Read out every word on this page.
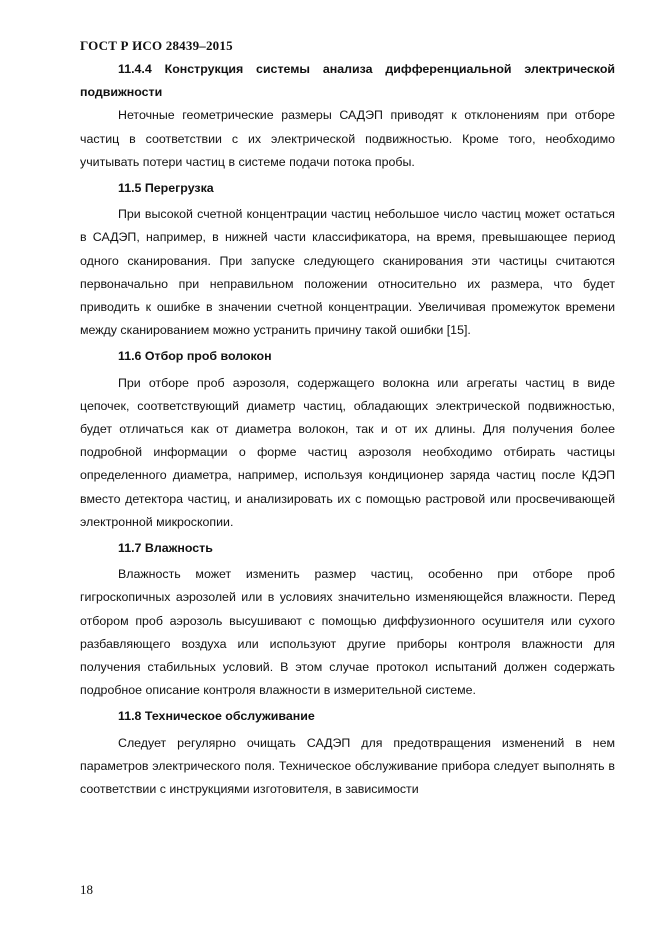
ГОСТ Р ИСО 28439–2015

11.4.4 Конструкция системы анализа дифференциальной электрической подвижности

Неточные геометрические размеры САДЭП приводят к отклонениям при отборе частиц в соответствии с их электрической подвижностью. Кроме того, необходимо учитывать потери частиц в системе подачи потока пробы.

11.5 Перегрузка

При высокой счетной концентрации частиц небольшое число частиц может остаться в САДЭП, например, в нижней части классификатора, на время, превышающее период одного сканирования. При запуске следующего сканирования эти частицы считаются первоначально при неправильном положении относительно их размера, что будет приводить к ошибке в значении счетной концентрации. Увеличивая промежуток времени между сканированием можно устранить причину такой ошибки [15].

11.6 Отбор проб волокон

При отборе проб аэрозоля, содержащего волокна или агрегаты частиц в виде цепочек, соответствующий диаметр частиц, обладающих электрической подвижностью, будет отличаться как от диаметра волокон, так и от их длины. Для получения более подробной информации о форме частиц аэрозоля необходимо отбирать частицы определенного диаметра, например, используя кондиционер заряда частиц после КДЭП вместо детектора частиц, и анализировать их с помощью растровой или просвечивающей электронной микроскопии.

11.7 Влажность

Влажность может изменить размер частиц, особенно при отборе проб гигроскопичных аэрозолей или в условиях значительно изменяющейся влажности. Перед отбором проб аэрозоль высушивают с помощью диффузионного осушителя или сухого разбавляющего воздуха или используют другие приборы контроля влажности для получения стабильных условий. В этом случае протокол испытаний должен содержать подробное описание контроля влажности в измерительной системе.

11.8 Техническое обслуживание

Следует регулярно очищать САДЭП для предотвращения изменений в нем параметров электрического поля. Техническое обслуживание прибора следует выполнять в соответствии с инструкциями изготовителя, в зависимости

18
